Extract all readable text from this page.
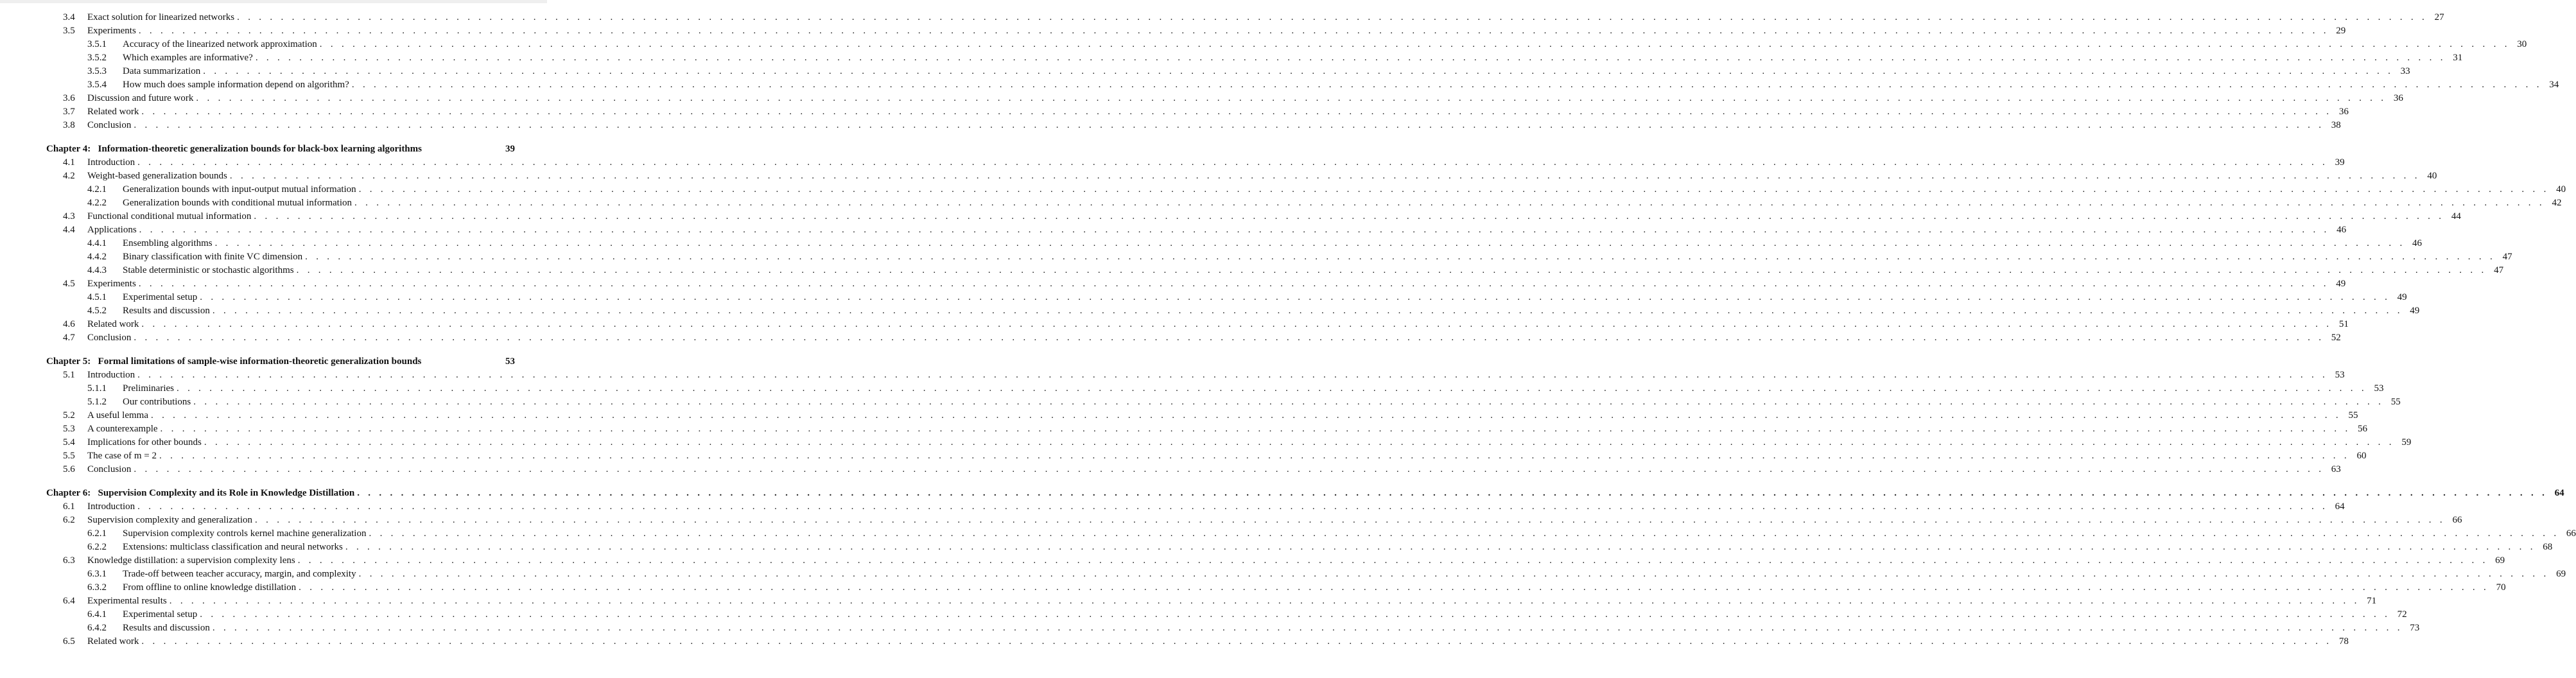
3.4 Exact solution for linearized networks . . . . . . . . . . . . . . . . . . . . . . . . . . . . . . . . . . . . . . . . . . . . . . . . . . . . . . . . . . . . . . . . . . . . . . . . . . . . . . . . . . . . . . . . . . . . . . . . . . . . . . . . . . . . . . . . . . . . . . . . . . . . . . . . . . . . . . . . . . . . . . . . . . . . . . . . . . . . . . . . . . . . . . . . . . . . . . . . . . . . . . . . . . . . . . . . . . . . . . . . 27
3.5 Experiments . . . . . . . . . . . . . . . . . . . . . . . . . . . . . . . . . . . . . . . . . . . . . . . . . . . . . . . . . . . . . . . . . . . . . . . . . . . . . . . . . . . . . . . . . . . . . . . . . . . . . . . . . . . . . . . . . . . . . . . . . . . . . . . . . . . . . . . . . . . . . . . . . . . . . . . . . . . . . . . . . . . . . . . . . . . . . . . . . . . . . . . . . . . . . . . . . . . . . . . . 29
3.5.1 Accuracy of the linearized network approximation . . . . . . . . . . . . . . . . . . . . . . . . . . . . . . . . . . . . . . . . . . . . . . . . . . . . . . . . . . . . . . . . . . . . . . . . . . . . . . . . . . . . . . . . . . . . . . . . . . . . . . . . . . . . . . . . . . . . . . . . . . . . . . . . . . . . . . . . . . . . . . . . . . . . . . . . . . . . . . . . . . . . . . . . . . . . . . . . . . . . . . . . . . . . . . . . . . . . . . . . 30
3.5.2 Which examples are informative? . . . . . . . . . . . . . . . . . . . . . . . . . . . . . . . . . . . . . . . . . . . . . . . . . . . . . . . . . . . . . . . . . . . . . . . . . . . . . . . . . . . . . . . . . . . . . . . . . . . . . . . . . . . . . . . . . . . . . . . . . . . . . . . . . . . . . . . . . . . . . . . . . . . . . . . . . . . . . . . . . . . . . . . . . . . . . . . . . . . . . . . . . . . . . . . . . . . . . . . . 31
3.5.3 Data summarization . . . . . . . . . . . . . . . . . . . . . . . . . . . . . . . . . . . . . . . . . . . . . . . . . . . . . . . . . . . . . . . . . . . . . . . . . . . . . . . . . . . . . . . . . . . . . . . . . . . . . . . . . . . . . . . . . . . . . . . . . . . . . . . . . . . . . . . . . . . . . . . . . . . . . . . . . . . . . . . . . . . . . . . . . . . . . . . . . . . . . . . . . . . . . . . . . . . . . . . . 33
3.5.4 How much does sample information depend on algorithm? . . . . . . . . . . . . . . . . . . . . . . . . . . . . . . . . . . . . . . . . . . . . . . . . . . . . . . . . . . . . . . . . . . . . . . . . . . . . . . . . . . . . . . . . . . . . . . . . . . . . . . . . . . . . . . . . . . . . . . . . . . . . . . . . . . . . . . . . . . . . . . . . . . . . . . . . . . . . . . . . . . . . . . . . . . . . . . . . . . . . . . . . . . . . . . . . . . . . . . . . 34
3.6 Discussion and future work . . . . . . . . . . . . . . . . . . . . . . . . . . . . . . . . . . . . . . . . . . . . . . . . . . . . . . . . . . . . . . . . . . . . . . . . . . . . . . . . . . . . . . . . . . . . . . . . . . . . . . . . . . . . . . . . . . . . . . . . . . . . . . . . . . . . . . . . . . . . . . . . . . . . . . . . . . . . . . . . . . . . . . . . . . . . . . . . . . . . . . . . . . . . . . . . . . . . . . . . 36
3.7 Related work . . . . . . . . . . . . . . . . . . . . . . . . . . . . . . . . . . . . . . . . . . . . . . . . . . . . . . . . . . . . . . . . . . . . . . . . . . . . . . . . . . . . . . . . . . . . . . . . . . . . . . . . . . . . . . . . . . . . . . . . . . . . . . . . . . . . . . . . . . . . . . . . . . . . . . . . . . . . . . . . . . . . . . . . . . . . . . . . . . . . . . . . . . . . . . . . . . . . . . . . 36
3.8 Conclusion . . . . . . . . . . . . . . . . . . . . . . . . . . . . . . . . . . . . . . . . . . . . . . . . . . . . . . . . . . . . . . . . . . . . . . . . . . . . . . . . . . . . . . . . . . . . . . . . . . . . . . . . . . . . . . . . . . . . . . . . . . . . . . . . . . . . . . . . . . . . . . . . . . . . . . . . . . . . . . . . . . . . . . . . . . . . . . . . . . . . . . . . . . . . . . . . . . . . . . . . 38
Chapter 4:  Information-theoretic generalization bounds for black-box learning algorithms	39
4.1 Introduction . . . . . . . . . . . . . . . . . . . . . . . . . . . . . . . . . . . . . . . . . . . . . . . . . . . . . . . . . . . . . . . . . . . . . . . . . . . . . . . . . . . . . . . . . . . . . . . . . . . . . . . . . . . . . . . . . . . . . . . . . . . . . . . . . . . . . . . . . . . . . . . . . . . . . . . . . . . . . . . . . . . . . . . . . . . . . . . . . . . . . . . . . . . . . . . . . . . . . . . . 39
4.2 Weight-based generalization bounds . . . . . . . . . . . . . . . . . . . . . . . . . . . . . . . . . . . . . . . . . . . . . . . . . . . . . . . . . . . . . . . . . . . . . . . . . . . . . . . . . . . . . . . . . . . . . . . . . . . . . . . . . . . . . . . . . . . . . . . . . . . . . . . . . . . . . . . . . . . . . . . . . . . . . . . . . . . . . . . . . . . . . . . . . . . . . . . . . . . . . . . . . . . . . . . . . . . . . . . . 40
4.2.1 Generalization bounds with input-output mutual information . . . . . . . . . . . . . . . . . . . . . . . . . . . . . . . . . . . . . . . . . . . . . . . . . . . . . . . . . . . . . . . . . . . . . . . . . . . . . . . . . . . . . . . . . . . . . . . . . . . . . . . . . . . . . . . . . . . . . . . . . . . . . . . . . . . . . . . . . . . . . . . . . . . . . . . . . . . . . . . . . . . . . . . . . . . . . . . . . . . . . . . . . . . . . . . . . . . . . . . . 40
4.2.2 Generalization bounds with conditional mutual information . . . . . . . . . . . . . . . . . . . . . . . . . . . . . . . . . . . . . . . . . . . . . . . . . . . . . . . . . . . . . . . . . . . . . . . . . . . . . . . . . . . . . . . . . . . . . . . . . . . . . . . . . . . . . . . . . . . . . . . . . . . . . . . . . . . . . . . . . . . . . . . . . . . . . . . . . . . . . . . . . . . . . . . . . . . . . . . . . . . . . . . . . . . . . . . . . . . . . . . . 42
4.3 Functional conditional mutual information . . . . . . . . . . . . . . . . . . . . . . . . . . . . . . . . . . . . . . . . . . . . . . . . . . . . . . . . . . . . . . . . . . . . . . . . . . . . . . . . . . . . . . . . . . . . . . . . . . . . . . . . . . . . . . . . . . . . . . . . . . . . . . . . . . . . . . . . . . . . . . . . . . . . . . . . . . . . . . . . . . . . . . . . . . . . . . . . . . . . . . . . . . . . . . . . . . . . . . . . 44
4.4 Applications . . . . . . . . . . . . . . . . . . . . . . . . . . . . . . . . . . . . . . . . . . . . . . . . . . . . . . . . . . . . . . . . . . . . . . . . . . . . . . . . . . . . . . . . . . . . . . . . . . . . . . . . . . . . . . . . . . . . . . . . . . . . . . . . . . . . . . . . . . . . . . . . . . . . . . . . . . . . . . . . . . . . . . . . . . . . . . . . . . . . . . . . . . . . . . . . . . . . . . . . 46
4.4.1 Ensembling algorithms . . . . . . . . . . . . . . . . . . . . . . . . . . . . . . . . . . . . . . . . . . . . . . . . . . . . . . . . . . . . . . . . . . . . . . . . . . . . . . . . . . . . . . . . . . . . . . . . . . . . . . . . . . . . . . . . . . . . . . . . . . . . . . . . . . . . . . . . . . . . . . . . . . . . . . . . . . . . . . . . . . . . . . . . . . . . . . . . . . . . . . . . . . . . . . . . . . . . . . . . 46
4.4.2 Binary classification with finite VC dimension . . . . . . . . . . . . . . . . . . . . . . . . . . . . . . . . . . . . . . . . . . . . . . . . . . . . . . . . . . . . . . . . . . . . . . . . . . . . . . . . . . . . . . . . . . . . . . . . . . . . . . . . . . . . . . . . . . . . . . . . . . . . . . . . . . . . . . . . . . . . . . . . . . . . . . . . . . . . . . . . . . . . . . . . . . . . . . . . . . . . . . . . . . . . . . . . . . . . . . . . 47
4.4.3 Stable deterministic or stochastic algorithms . . . . . . . . . . . . . . . . . . . . . . . . . . . . . . . . . . . . . . . . . . . . . . . . . . . . . . . . . . . . . . . . . . . . . . . . . . . . . . . . . . . . . . . . . . . . . . . . . . . . . . . . . . . . . . . . . . . . . . . . . . . . . . . . . . . . . . . . . . . . . . . . . . . . . . . . . . . . . . . . . . . . . . . . . . . . . . . . . . . . . . . . . . . . . . . . . . . . . . . . 47
4.5 Experiments . . . . . . . . . . . . . . . . . . . . . . . . . . . . . . . . . . . . . . . . . . . . . . . . . . . . . . . . . . . . . . . . . . . . . . . . . . . . . . . . . . . . . . . . . . . . . . . . . . . . . . . . . . . . . . . . . . . . . . . . . . . . . . . . . . . . . . . . . . . . . . . . . . . . . . . . . . . . . . . . . . . . . . . . . . . . . . . . . . . . . . . . . . . . . . . . . . . . . . . . 49
4.5.1 Experimental setup . . . . . . . . . . . . . . . . . . . . . . . . . . . . . . . . . . . . . . . . . . . . . . . . . . . . . . . . . . . . . . . . . . . . . . . . . . . . . . . . . . . . . . . . . . . . . . . . . . . . . . . . . . . . . . . . . . . . . . . . . . . . . . . . . . . . . . . . . . . . . . . . . . . . . . . . . . . . . . . . . . . . . . . . . . . . . . . . . . . . . . . . . . . . . . . . . . . . . . . . 49
4.5.2 Results and discussion . . . . . . . . . . . . . . . . . . . . . . . . . . . . . . . . . . . . . . . . . . . . . . . . . . . . . . . . . . . . . . . . . . . . . . . . . . . . . . . . . . . . . . . . . . . . . . . . . . . . . . . . . . . . . . . . . . . . . . . . . . . . . . . . . . . . . . . . . . . . . . . . . . . . . . . . . . . . . . . . . . . . . . . . . . . . . . . . . . . . . . . . . . . . . . . . . . . . . . . . 49
4.6 Related work . . . . . . . . . . . . . . . . . . . . . . . . . . . . . . . . . . . . . . . . . . . . . . . . . . . . . . . . . . . . . . . . . . . . . . . . . . . . . . . . . . . . . . . . . . . . . . . . . . . . . . . . . . . . . . . . . . . . . . . . . . . . . . . . . . . . . . . . . . . . . . . . . . . . . . . . . . . . . . . . . . . . . . . . . . . . . . . . . . . . . . . . . . . . . . . . . . . . . . . . 51
4.7 Conclusion . . . . . . . . . . . . . . . . . . . . . . . . . . . . . . . . . . . . . . . . . . . . . . . . . . . . . . . . . . . . . . . . . . . . . . . . . . . . . . . . . . . . . . . . . . . . . . . . . . . . . . . . . . . . . . . . . . . . . . . . . . . . . . . . . . . . . . . . . . . . . . . . . . . . . . . . . . . . . . . . . . . . . . . . . . . . . . . . . . . . . . . . . . . . . . . . . . . . . . . . 52
Chapter 5:  Formal limitations of sample-wise information-theoretic generalization bounds	53
5.1 Introduction . . . . . . . . . . . . . . . . . . . . . . . . . . . . . . . . . . . . . . . . . . . . . . . . . . . . . . . . . . . . . . . . . . . . . . . . . . . . . . . . . . . . . . . . . . . . . . . . . . . . . . . . . . . . . . . . . . . . . . . . . . . . . . . . . . . . . . . . . . . . . . . . . . . . . . . . . . . . . . . . . . . . . . . . . . . . . . . . . . . . . . . . . . . . . . . . . . . . . . . . 53
5.1.1 Preliminaries . . . . . . . . . . . . . . . . . . . . . . . . . . . . . . . . . . . . . . . . . . . . . . . . . . . . . . . . . . . . . . . . . . . . . . . . . . . . . . . . . . . . . . . . . . . . . . . . . . . . . . . . . . . . . . . . . . . . . . . . . . . . . . . . . . . . . . . . . . . . . . . . . . . . . . . . . . . . . . . . . . . . . . . . . . . . . . . . . . . . . . . . . . . . . . . . . . . . . . . . 53
5.1.2 Our contributions . . . . . . . . . . . . . . . . . . . . . . . . . . . . . . . . . . . . . . . . . . . . . . . . . . . . . . . . . . . . . . . . . . . . . . . . . . . . . . . . . . . . . . . . . . . . . . . . . . . . . . . . . . . . . . . . . . . . . . . . . . . . . . . . . . . . . . . . . . . . . . . . . . . . . . . . . . . . . . . . . . . . . . . . . . . . . . . . . . . . . . . . . . . . . . . . . . . . . . . . 55
5.2 A useful lemma . . . . . . . . . . . . . . . . . . . . . . . . . . . . . . . . . . . . . . . . . . . . . . . . . . . . . . . . . . . . . . . . . . . . . . . . . . . . . . . . . . . . . . . . . . . . . . . . . . . . . . . . . . . . . . . . . . . . . . . . . . . . . . . . . . . . . . . . . . . . . . . . . . . . . . . . . . . . . . . . . . . . . . . . . . . . . . . . . . . . . . . . . . . . . . . . . . . . . . . . 55
5.3 A counterexample . . . . . . . . . . . . . . . . . . . . . . . . . . . . . . . . . . . . . . . . . . . . . . . . . . . . . . . . . . . . . . . . . . . . . . . . . . . . . . . . . . . . . . . . . . . . . . . . . . . . . . . . . . . . . . . . . . . . . . . . . . . . . . . . . . . . . . . . . . . . . . . . . . . . . . . . . . . . . . . . . . . . . . . . . . . . . . . . . . . . . . . . . . . . . . . . . . . . . . . . 56
5.4 Implications for other bounds . . . . . . . . . . . . . . . . . . . . . . . . . . . . . . . . . . . . . . . . . . . . . . . . . . . . . . . . . . . . . . . . . . . . . . . . . . . . . . . . . . . . . . . . . . . . . . . . . . . . . . . . . . . . . . . . . . . . . . . . . . . . . . . . . . . . . . . . . . . . . . . . . . . . . . . . . . . . . . . . . . . . . . . . . . . . . . . . . . . . . . . . . . . . . . . . . . . . . . . . 59
5.5 The case of m = 2 . . . . . . . . . . . . . . . . . . . . . . . . . . . . . . . . . . . . . . . . . . . . . . . . . . . . . . . . . . . . . . . . . . . . . . . . . . . . . . . . . . . . . . . . . . . . . . . . . . . . . . . . . . . . . . . . . . . . . . . . . . . . . . . . . . . . . . . . . . . . . . . . . . . . . . . . . . . . . . . . . . . . . . . . . . . . . . . . . . . . . . . . . . . . . . . . . . . . . . . . 60
5.6 Conclusion . . . . . . . . . . . . . . . . . . . . . . . . . . . . . . . . . . . . . . . . . . . . . . . . . . . . . . . . . . . . . . . . . . . . . . . . . . . . . . . . . . . . . . . . . . . . . . . . . . . . . . . . . . . . . . . . . . . . . . . . . . . . . . . . . . . . . . . . . . . . . . . . . . . . . . . . . . . . . . . . . . . . . . . . . . . . . . . . . . . . . . . . . . . . . . . . . . . . . . . . 63
Chapter 6:  Supervision Complexity and its Role in Knowledge Distillation . . . . . . . . . . . . . . . . . . . . . . . . . . . . . . . . . . . . . . . . . . . . . . . . . . . . . . . . . . . . . . . . . . . . . . . . . . . . . . . . . . . . . . . . . . . . . . . . . . . . . . . . . . . . . . . . . . . . . . . . . . . . . . . . . . . . . . . . . . . . . . . . . . . . . . . . . . . . . . . . . . . . . . . . . . . . . . . . . . . . . . . . . . . . . . . . . . . . . . . . 64
6.1 Introduction . . . . . . . . . . . . . . . . . . . . . . . . . . . . . . . . . . . . . . . . . . . . . . . . . . . . . . . . . . . . . . . . . . . . . . . . . . . . . . . . . . . . . . . . . . . . . . . . . . . . . . . . . . . . . . . . . . . . . . . . . . . . . . . . . . . . . . . . . . . . . . . . . . . . . . . . . . . . . . . . . . . . . . . . . . . . . . . . . . . . . . . . . . . . . . . . . . . . . . . . 64
6.2 Supervision complexity and generalization . . . . . . . . . . . . . . . . . . . . . . . . . . . . . . . . . . . . . . . . . . . . . . . . . . . . . . . . . . . . . . . . . . . . . . . . . . . . . . . . . . . . . . . . . . . . . . . . . . . . . . . . . . . . . . . . . . . . . . . . . . . . . . . . . . . . . . . . . . . . . . . . . . . . . . . . . . . . . . . . . . . . . . . . . . . . . . . . . . . . . . . . . . . . . . . . . . . . . . . . 66
6.2.1 Supervision complexity controls kernel machine generalization . . . . . . . . . . . . . . . . . . . . . . . . . . . . . . . . . . . . . . . . . . . . . . . . . . . . . . . . . . . . . . . . . . . . . . . . . . . . . . . . . . . . . . . . . . . . . . . . . . . . . . . . . . . . . . . . . . . . . . . . . . . . . . . . . . . . . . . . . . . . . . . . . . . . . . . . . . . . . . . . . . . . . . . . . . . . . . . . . . . . . . . . . . . . . . . . . . . . . . . . 66
6.2.2 Extensions: multiclass classification and neural networks . . . . . . . . . . . . . . . . . . . . . . . . . . . . . . . . . . . . . . . . . . . . . . . . . . . . . . . . . . . . . . . . . . . . . . . . . . . . . . . . . . . . . . . . . . . . . . . . . . . . . . . . . . . . . . . . . . . . . . . . . . . . . . . . . . . . . . . . . . . . . . . . . . . . . . . . . . . . . . . . . . . . . . . . . . . . . . . . . . . . . . . . . . . . . . . . . . . . . . . . 68
6.3 Knowledge distillation: a supervision complexity lens . . . . . . . . . . . . . . . . . . . . . . . . . . . . . . . . . . . . . . . . . . . . . . . . . . . . . . . . . . . . . . . . . . . . . . . . . . . . . . . . . . . . . . . . . . . . . . . . . . . . . . . . . . . . . . . . . . . . . . . . . . . . . . . . . . . . . . . . . . . . . . . . . . . . . . . . . . . . . . . . . . . . . . . . . . . . . . . . . . . . . . . . . . . . . . . . . . . . . . . . 69
6.3.1 Trade-off between teacher accuracy, margin, and complexity . . . . . . . . . . . . . . . . . . . . . . . . . . . . . . . . . . . . . . . . . . . . . . . . . . . . . . . . . . . . . . . . . . . . . . . . . . . . . . . . . . . . . . . . . . . . . . . . . . . . . . . . . . . . . . . . . . . . . . . . . . . . . . . . . . . . . . . . . . . . . . . . . . . . . . . . . . . . . . . . . . . . . . . . . . . . . . . . . . . . . . . . . . . . . . . . . . . . . . . . 69
6.3.2 From offline to online knowledge distillation . . . . . . . . . . . . . . . . . . . . . . . . . . . . . . . . . . . . . . . . . . . . . . . . . . . . . . . . . . . . . . . . . . . . . . . . . . . . . . . . . . . . . . . . . . . . . . . . . . . . . . . . . . . . . . . . . . . . . . . . . . . . . . . . . . . . . . . . . . . . . . . . . . . . . . . . . . . . . . . . . . . . . . . . . . . . . . . . . . . . . . . . . . . . . . . . . . . . . . . . 70
6.4 Experimental results . . . . . . . . . . . . . . . . . . . . . . . . . . . . . . . . . . . . . . . . . . . . . . . . . . . . . . . . . . . . . . . . . . . . . . . . . . . . . . . . . . . . . . . . . . . . . . . . . . . . . . . . . . . . . . . . . . . . . . . . . . . . . . . . . . . . . . . . . . . . . . . . . . . . . . . . . . . . . . . . . . . . . . . . . . . . . . . . . . . . . . . . . . . . . . . . . . . . . . . . 71
6.4.1 Experimental setup . . . . . . . . . . . . . . . . . . . . . . . . . . . . . . . . . . . . . . . . . . . . . . . . . . . . . . . . . . . . . . . . . . . . . . . . . . . . . . . . . . . . . . . . . . . . . . . . . . . . . . . . . . . . . . . . . . . . . . . . . . . . . . . . . . . . . . . . . . . . . . . . . . . . . . . . . . . . . . . . . . . . . . . . . . . . . . . . . . . . . . . . . . . . . . . . . . . . . . . . 72
6.4.2 Results and discussion . . . . . . . . . . . . . . . . . . . . . . . . . . . . . . . . . . . . . . . . . . . . . . . . . . . . . . . . . . . . . . . . . . . . . . . . . . . . . . . . . . . . . . . . . . . . . . . . . . . . . . . . . . . . . . . . . . . . . . . . . . . . . . . . . . . . . . . . . . . . . . . . . . . . . . . . . . . . . . . . . . . . . . . . . . . . . . . . . . . . . . . . . . . . . . . . . . . . . . . . 73
6.5 Related work . . . . . . . . . . . . . . . . . . . . . . . . . . . . . . . . . . . . . . . . . . . . . . . . . . . . . . . . . . . . . . . . . . . . . . . . . . . . . . . . . . . . . . . . . . . . . . . . . . . . . . . . . . . . . . . . . . . . . . . . . . . . . . . . . . . . . . . . . . . . . . . . . . . . . . . . . . . . . . . . . . . . . . . . . . . . . . . . . . . . . . . . . . . . . . . . . . . . . . . . 78
